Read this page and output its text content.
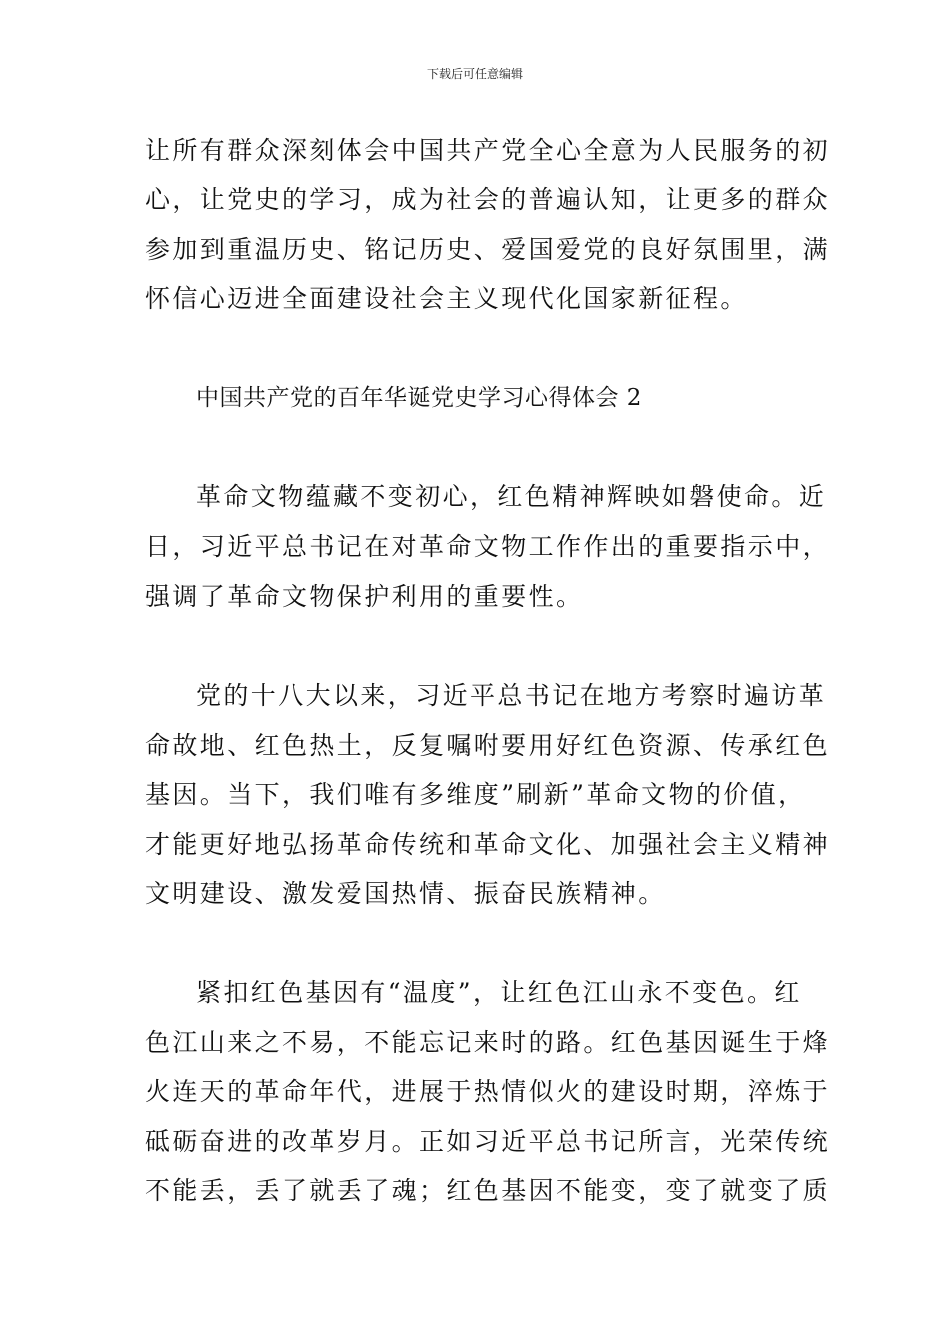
下载后可任意编辑
让所有群众深刻体会中国共产党全心全意为人民服务的初
心，让党史的学习，成为社会的普遍认知，让更多的群众
参加到重温历史、铭记历史、爱国爱党的良好氛围里，满
怀信心迈进全面建设社会主义现代化国家新征程。
中国共产党的百年华诞党史学习心得体会 2
革命文物蕴藏不变初心，红色精神辉映如磐使命。近
日，习近平总书记在对革命文物工作作出的重要指示中，
强调了革命文物保护利用的重要性。
党的十八大以来，习近平总书记在地方考察时遍访革
命故地、红色热土，反复嘱咐要用好红色资源、传承红色
基因。当下，我们唯有多维度”刷新”革命文物的价值，
才能更好地弘扬革命传统和革命文化、加强社会主义精神
文明建设、激发爱国热情、振奋民族精神。
紧扣红色基因有“温度”，让红色江山永不变色。红
色江山来之不易，不能忘记来时的路。红色基因诞生于烽
火连天的革命年代，进展于热情似火的建设时期，淬炼于
砥砺奋进的改革岁月。正如习近平总书记所言，光荣传统
不能丢，丢了就丢了魂；红色基因不能变，变了就变了质
